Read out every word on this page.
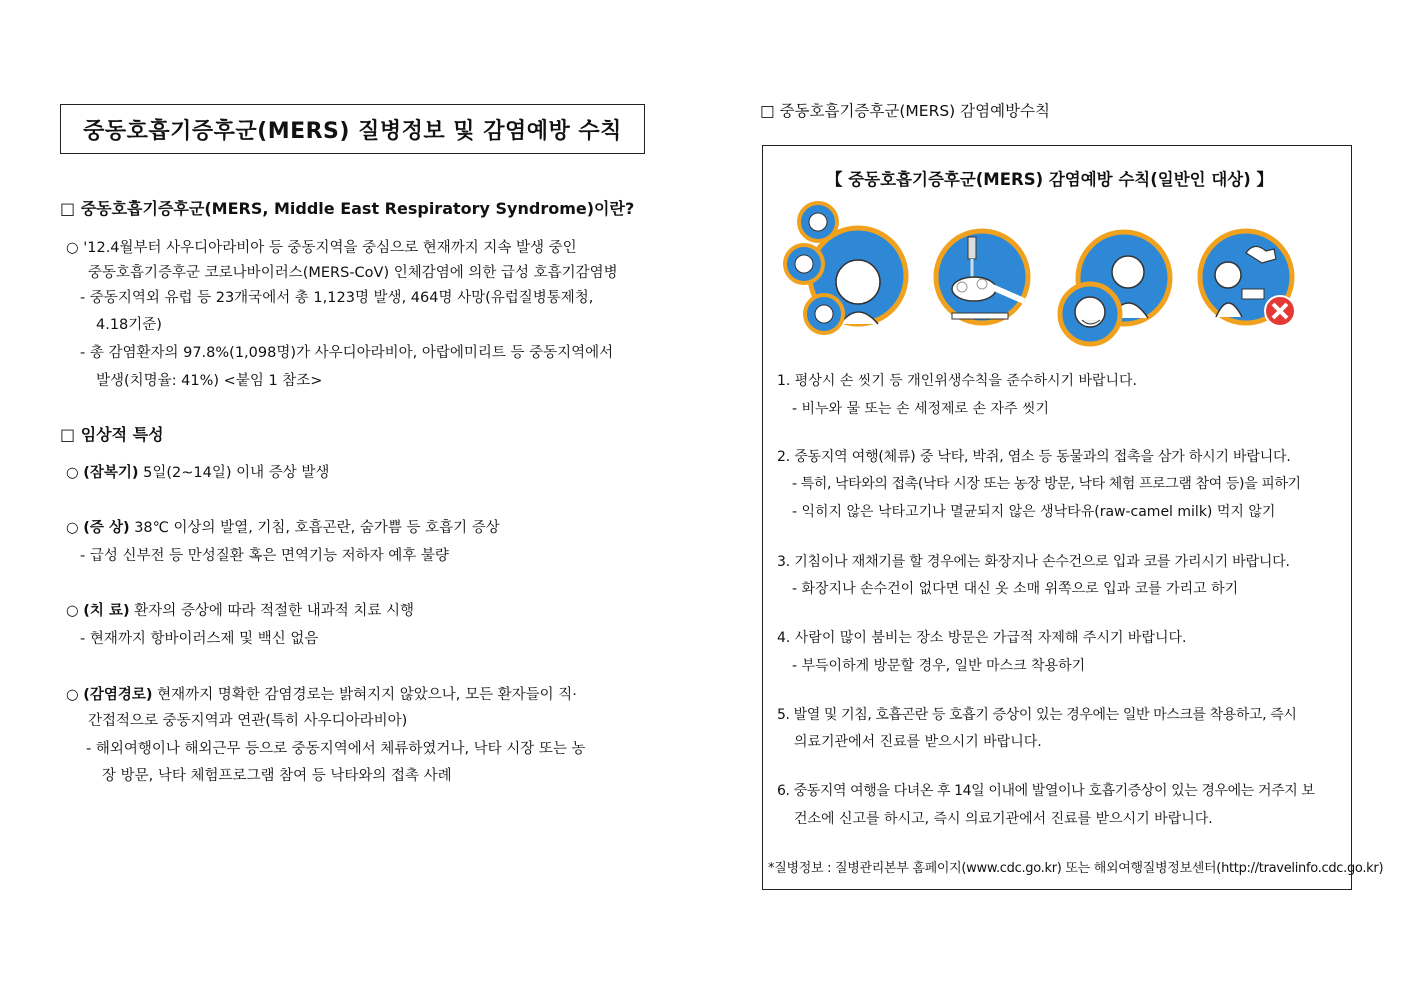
중동호흡기증후군(MERS) 질병정보 및 감염예방 수칙
□ 중동호흡기증후군(MERS, Middle East Respiratory Syndrome)이란?
○ '12.4월부터 사우디아라비아 등 중동지역을 중심으로 현재까지 지속 발생 중인
중동호흡기증후군 코로나바이러스(MERS-CoV) 인체감염에 의한 급성 호흡기감염병
- 중동지역외 유럽 등 23개국에서 총 1,123명 발생, 464명 사망(유럽질병통제청,
4.18기준)
- 총 감염환자의 97.8%(1,098명)가 사우디아라비아, 아랍에미리트 등 중동지역에서
발생(치명율: 41%) <붙임 1 참조>
□ 임상적 특성
○ (잠복기) 5일(2~14일) 이내 증상 발생
○ (증 상) 38℃ 이상의 발열, 기침, 호흡곤란, 숨가쁨 등 호흡기 증상
- 급성 신부전 등 만성질환 혹은 면역기능 저하자 예후 불량
○ (치 료) 환자의 증상에 따라 적절한 내과적 치료 시행
- 현재까지 항바이러스제 및 백신 없음
○ (감염경로) 현재까지 명확한 감염경로는 밝혀지지 않았으나, 모든 환자들이 직·
간접적으로 중동지역과 연관(특히 사우디아라비아)
- 해외여행이나 해외근무 등으로 중동지역에서 체류하였거나, 낙타 시장 또는 농
장 방문, 낙타 체험프로그램 참여 등 낙타와의 접촉 사례
□ 중동호흡기증후군(MERS) 감염예방수칙
【 중동호흡기증후군(MERS) 감염예방 수칙(일반인 대상) 】
1. 평상시 손 씻기 등 개인위생수칙을 준수하시기 바랍니다.
- 비누와 물 또는 손 세정제로 손 자주 씻기
2. 중동지역 여행(체류) 중 낙타, 박쥐, 염소 등 동물과의 접촉을 삼가 하시기 바랍니다.
- 특히, 낙타와의 접촉(낙타 시장 또는 농장 방문, 낙타 체험 프로그램 참여 등)을 피하기
- 익히지 않은 낙타고기나 멸균되지 않은 생낙타유(raw-camel milk) 먹지 않기
3. 기침이나 재채기를 할 경우에는 화장지나 손수건으로 입과 코를 가리시기 바랍니다.
- 화장지나 손수건이 없다면 대신 옷 소매 위쪽으로 입과 코를 가리고 하기
4. 사람이 많이 붐비는 장소 방문은 가급적 자제해 주시기 바랍니다.
- 부득이하게 방문할 경우, 일반 마스크 착용하기
5. 발열 및 기침, 호흡곤란 등 호흡기 증상이 있는 경우에는 일반 마스크를 착용하고, 즉시
의료기관에서 진료를 받으시기 바랍니다.
6. 중동지역 여행을 다녀온 후 14일 이내에 발열이나 호흡기증상이 있는 경우에는 거주지 보
건소에 신고를 하시고, 즉시 의료기관에서 진료를 받으시기 바랍니다.
*질병정보 : 질병관리본부 홈페이지(www.cdc.go.kr) 또는 해외여행질병정보센터(http://travelinfo.cdc.go.kr)
